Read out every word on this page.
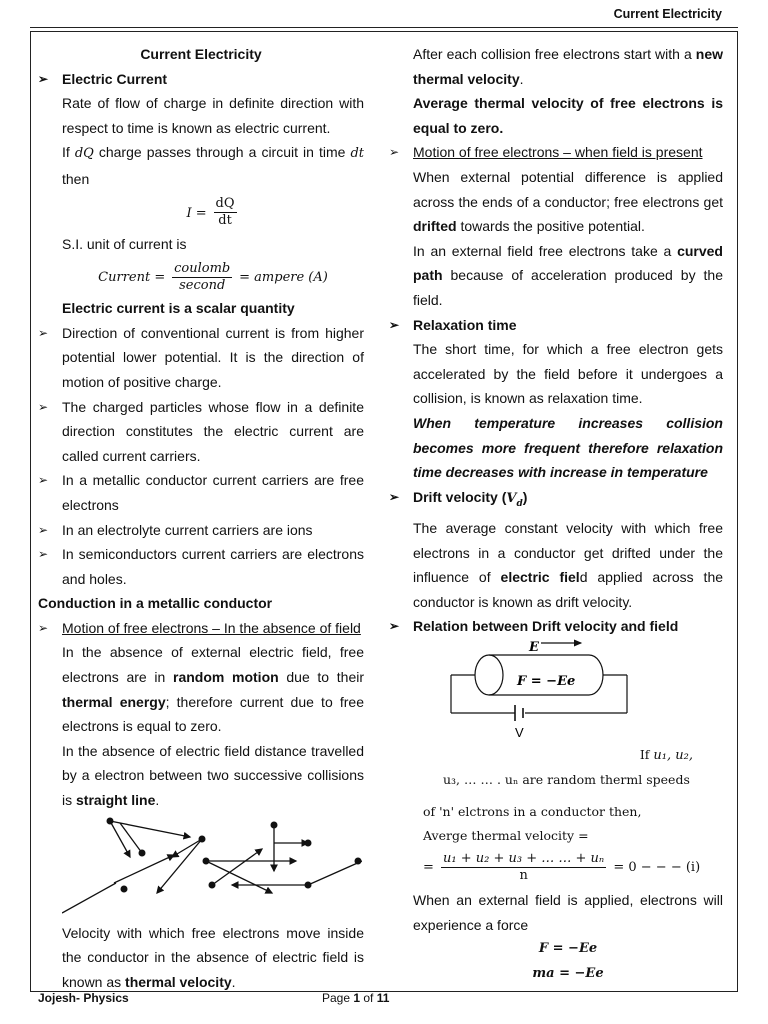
Current Electricity

Current Electricity

➢ Electric Current

Rate of flow of charge in definite direction with respect to time is known as electric current.

If dQ charge passes through a circuit in time dt then

$I = \frac{dQ}{dt}$

S.I. unit of current is

Current = $\frac{\text{coulomb}}{\text{second}}$ = ampere (A)

Electric current is a scalar quantity

➢ Direction of conventional current is from higher potential lower potential. It is the direction of motion of positive charge.

➢ The charged particles whose flow in a definite direction constitutes the electric current are called current carriers.

➢ In a metallic conductor current carriers are free electrons

➢ In an electrolyte current carriers are ions

➢ In semiconductors current carriers are electrons and holes.

Conduction in a metallic conductor

➢ Motion of free electrons – In the absence of field

In the absence of external electric field, free electrons are in random motion due to their thermal energy; therefore current due to free electrons is equal to zero.

In the absence of electric field distance travelled by a electron between two successive collisions is straight line.

Velocity with which free electrons move inside the conductor in the absence of electric field is known as thermal velocity.

After each collision free electrons start with a new thermal velocity.

Average thermal velocity of free electrons is equal to zero.

➢ Motion of free electrons – when field is present

When external potential difference is applied across the ends of a conductor; free electrons get drifted towards the positive potential.

In an external field free electrons take a curved path because of acceleration produced by the field.

➢ Relaxation time

The short time, for which a free electron gets accelerated by the field before it undergoes a collision, is known as relaxation time.

When temperature increases collision becomes more frequent therefore relaxation time decreases with increase in temperature

➢ Drift velocity $(V_d)$

The average constant velocity with which free electrons in a conductor get drifted under the influence of electric field applied across the conductor is known as drift velocity.

➢ Relation between Drift velocity and field

E
F = −Ee
V

If u₁, u₂,

u₃, … … . uₙ are random therml speeds

of 'n' elctrons in a conductor then,

Averge thermal velocity =

= $\frac{\text{u₁ + u₂ + u₃ + … … + uₙ}}{n} = 0$ − − − (i)

When an external field is applied, electrons will experience a force

F = −Ee

ma = −Ee

Jojesh- Physics	Page 1 of 11
